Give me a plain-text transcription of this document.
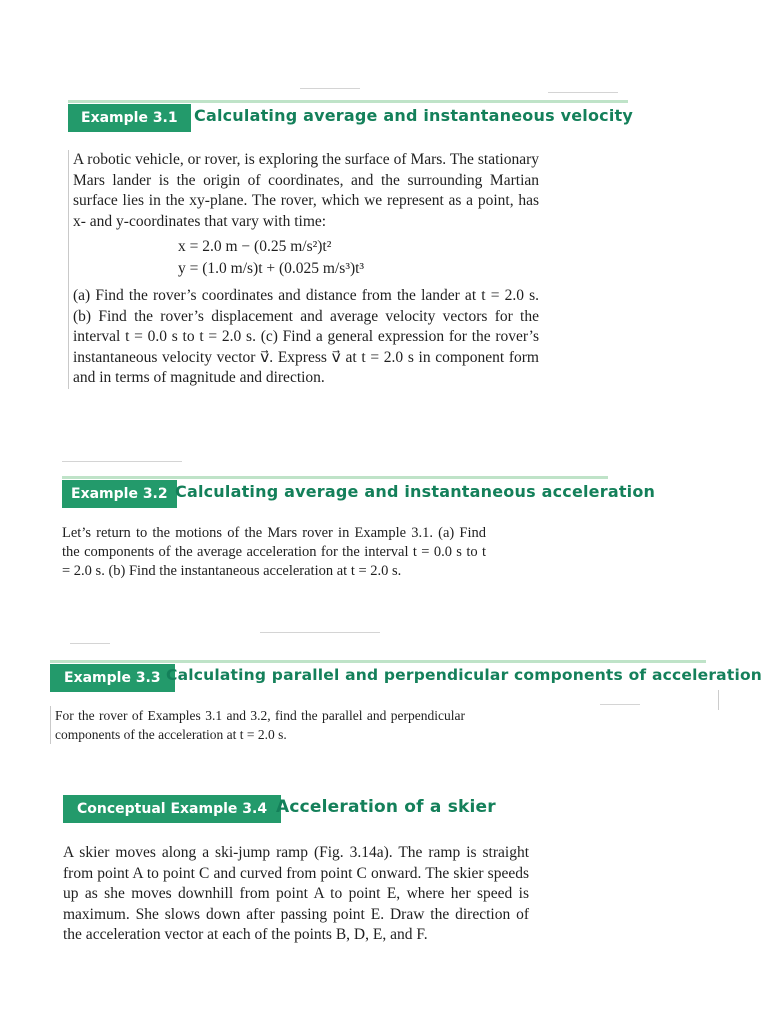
Example 3.1	Calculating average and instantaneous velocity

A robotic vehicle, or rover, is exploring the surface of Mars. The stationary Mars lander is the origin of coordinates, and the surrounding Martian surface lies in the xy-plane. The rover, which we represent as a point, has x- and y-coordinates that vary with time:

x = 2.0 m − (0.25 m/s²)t²
y = (1.0 m/s)t + (0.025 m/s³)t³

(a) Find the rover’s coordinates and distance from the lander at t = 2.0 s. (b) Find the rover’s displacement and average velocity vectors for the interval t = 0.0 s to t = 2.0 s. (c) Find a general expression for the rover’s instantaneous velocity vector v⃗. Express v⃗ at t = 2.0 s in component form and in terms of magnitude and direction.

Example 3.2 Calculating average and instantaneous acceleration

Let’s return to the motions of the Mars rover in Example 3.1. (a) Find the components of the average acceleration for the interval t = 0.0 s to t = 2.0 s. (b) Find the instantaneous acceleration at t = 2.0 s.

Example 3.3 Calculating parallel and perpendicular components of acceleration

For the rover of Examples 3.1 and 3.2, find the parallel and perpendicular components of the acceleration at t = 2.0 s.

Conceptual Example 3.4 Acceleration of a skier

A skier moves along a ski-jump ramp (Fig. 3.14a). The ramp is straight from point A to point C and curved from point C onward. The skier speeds up as she moves downhill from point A to point E, where her speed is maximum. She slows down after passing point E. Draw the direction of the acceleration vector at each of the points B, D, E, and F.
